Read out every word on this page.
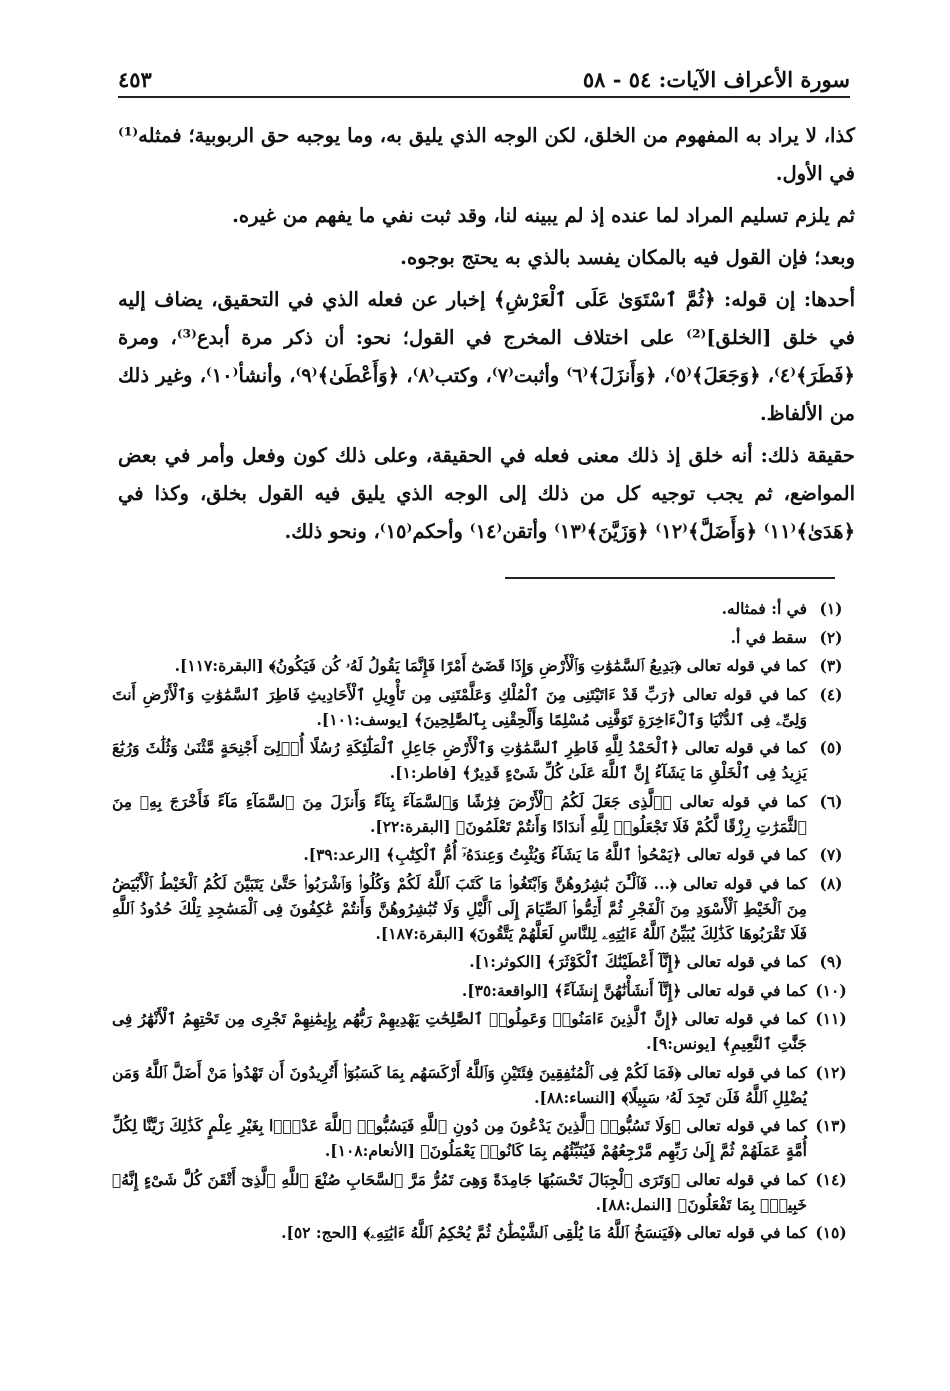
سورة الأعراف الآيات: ٥٤ - ٥٨
٤٥٣

كذا، لا يراد به المفهوم من الخلق، لكن الوجه الذي يليق به، وما يوجبه حق الربوبية؛ فمثله⁽¹⁾ في الأول.

ثم يلزم تسليم المراد لما عنده إذ لم يبينه لنا، وقد ثبت نفي ما يفهم من غيره.

وبعد؛ فإن القول فيه بالمكان يفسد بالذي به يحتج بوجوه.

أحدها: إن قوله: ﴿ثُمَّ ٱسْتَوَىٰ عَلَى ٱلْعَرْشِ﴾ إخبار عن فعله الذي في التحقيق، يضاف إليه في خلق [الخلق]⁽²⁾ على اختلاف المخرج في القول؛ نحو: أن ذكر مرة أبدع⁽³⁾، ومرة ﴿فَطَرَ﴾⁽٤⁾، ﴿وَجَعَلَ﴾⁽٥⁾، ﴿وَأَنزَلَ﴾⁽٦⁾ وأثبت⁽٧⁾، وكتب⁽٨⁾، ﴿وَأَعْطَىٰ﴾⁽٩⁾، وأنشأ⁽١٠⁾، وغير ذلك من الألفاظ.

حقيقة ذلك: أنه خلق إذ ذلك معنى فعله في الحقيقة، وعلى ذلك كون وفعل وأمر في بعض المواضع، ثم يجب توجيه كل من ذلك إلى الوجه الذي يليق فيه القول بخلق، وكذا في ﴿هَدَىٰ﴾⁽١١⁾ ﴿وَأَضَلَّ﴾⁽١٢⁾ ﴿وَزَيَّنَ﴾⁽١٣⁾ وأتقن⁽١٤⁾ وأحكم⁽١٥⁾، ونحو ذلك.

(١)
في أ: فمثاله.
(٢)
سقط في أ.
(٣)
كما في قوله تعالى ﴿بَدِيعُ ٱلسَّمَٰوَٰتِ وَٱلْأَرْضِ وَإِذَا قَضَىٰٓ أَمْرًا فَإِنَّمَا يَقُولُ لَهُۥ كُن فَيَكُونُ﴾ [البقرة:١١٧].
(٤)
كما في قوله تعالى ﴿رَبِّ قَدْ ءَاتَيْتَنِى مِنَ ٱلْمُلْكِ وَعَلَّمْتَنِى مِن تَأْوِيلِ ٱلْأَحَادِيثِ فَاطِرَ ٱلسَّمَٰوَٰتِ وَٱلْأَرْضِ أَنتَ وَلِىِّۦ فِى ٱلدُّنْيَا وَٱلْءَاخِرَةِ تَوَفَّنِى مُسْلِمًا وَأَلْحِقْنِى بِٱلصَّٰلِحِينَ﴾ [يوسف:١٠١].
(٥)
كما في قوله تعالى ﴿ٱلْحَمْدُ لِلَّهِ فَاطِرِ ٱلسَّمَٰوَٰتِ وَٱلْأَرْضِ جَاعِلِ ٱلْمَلَٰٓئِكَةِ رُسُلًا أُو۟لِىٓ أَجْنِحَةٍ مَّثْنَىٰ وَثُلَٰثَ وَرُبَٰعَ يَزِيدُ فِى ٱلْخَلْقِ مَا يَشَآءُ إِنَّ ٱللَّهَ عَلَىٰ كُلِّ شَىْءٍ قَدِيرٌ﴾ [فاطر:١].
(٦)
كما في قوله تعالى ﴿ٱلَّذِى جَعَلَ لَكُمُ ٱلْأَرْضَ فِرَٰشًا وَٱلسَّمَآءَ بِنَآءً وَأَنزَلَ مِنَ ٱلسَّمَآءِ مَآءً فَأَخْرَجَ بِهِۦ مِنَ ٱلثَّمَرَٰتِ رِزْقًا لَّكُمْ فَلَا تَجْعَلُوا۟ لِلَّهِ أَندَادًا وَأَنتُمْ تَعْلَمُونَ﴾ [البقرة:٢٢].
(٧)
كما في قوله تعالى ﴿يَمْحُوا۟ ٱللَّهُ مَا يَشَآءُ وَيُثْبِتُ وَعِندَهُۥٓ أُمُّ ٱلْكِتَٰبِ﴾ [الرعد:٣٩].
(٨)
كما في قوله تعالى ﴿... فَٱلْـَٰٔنَ بَٰشِرُوهُنَّ وَٱبْتَغُوا۟ مَا كَتَبَ ٱللَّهُ لَكُمْ وَكُلُوا۟ وَٱشْرَبُوا۟ حَتَّىٰ يَتَبَيَّنَ لَكُمُ ٱلْخَيْطُ ٱلْأَبْيَضُ مِنَ ٱلْخَيْطِ ٱلْأَسْوَدِ مِنَ ٱلْفَجْرِ ثُمَّ أَتِمُّوا۟ ٱلصِّيَامَ إِلَى ٱلَّيْلِ وَلَا تُبَٰشِرُوهُنَّ وَأَنتُمْ عَٰكِفُونَ فِى ٱلْمَسَٰجِدِ تِلْكَ حُدُودُ ٱللَّهِ فَلَا تَقْرَبُوهَا كَذَٰلِكَ يُبَيِّنُ ٱللَّهُ ءَايَٰتِهِۦ لِلنَّاسِ لَعَلَّهُمْ يَتَّقُونَ﴾ [البقرة:١٨٧].
(٩)
كما في قوله تعالى ﴿إِنَّآ أَعْطَيْنَٰكَ ٱلْكَوْثَرَ﴾ [الكوثر:١].
(١٠)
كما في قوله تعالى ﴿إِنَّآ أَنشَأْنَٰهُنَّ إِنشَآءً﴾ [الواقعة:٣٥].
(١١)
كما في قوله تعالى ﴿إِنَّ ٱلَّذِينَ ءَامَنُوا۟ وَعَمِلُوا۟ ٱلصَّٰلِحَٰتِ يَهْدِيهِمْ رَبُّهُم بِإِيمَٰنِهِمْ تَجْرِى مِن تَحْتِهِمُ ٱلْأَنْهَٰرُ فِى جَنَّٰتِ ٱلنَّعِيمِ﴾ [يونس:٩].
(١٢)
كما في قوله تعالى ﴿فَمَا لَكُمْ فِى ٱلْمُنَٰفِقِينَ فِئَتَيْنِ وَٱللَّهُ أَرْكَسَهُم بِمَا كَسَبُوٓا۟ أَتُرِيدُونَ أَن تَهْدُوا۟ مَنْ أَضَلَّ ٱللَّهُ وَمَن يُضْلِلِ ٱللَّهُ فَلَن تَجِدَ لَهُۥ سَبِيلًا﴾ [النساء:٨٨].
(١٣)
كما في قوله تعالى ﴿وَلَا تَسُبُّوا۟ ٱلَّذِينَ يَدْعُونَ مِن دُونِ ٱللَّهِ فَيَسُبُّوا۟ ٱللَّهَ عَدْوًۢا بِغَيْرِ عِلْمٍ كَذَٰلِكَ زَيَّنَّا لِكُلِّ أُمَّةٍ عَمَلَهُمْ ثُمَّ إِلَىٰ رَبِّهِم مَّرْجِعُهُمْ فَيُنَبِّئُهُم بِمَا كَانُوا۟ يَعْمَلُونَ﴾ [الأنعام:١٠٨].
(١٤)
كما في قوله تعالى ﴿وَتَرَى ٱلْجِبَالَ تَحْسَبُهَا جَامِدَةً وَهِىَ تَمُرُّ مَرَّ ٱلسَّحَابِ صُنْعَ ٱللَّهِ ٱلَّذِىٓ أَتْقَنَ كُلَّ شَىْءٍ إِنَّهُۥ خَبِيرٌۢ بِمَا تَفْعَلُونَ﴾ [النمل:٨٨].
(١٥)
كما في قوله تعالى ﴿فَيَنسَخُ ٱللَّهُ مَا يُلْقِى ٱلشَّيْطَٰنُ ثُمَّ يُحْكِمُ ٱللَّهُ ءَايَٰتِهِۦ﴾ [الحج: ٥٢].
